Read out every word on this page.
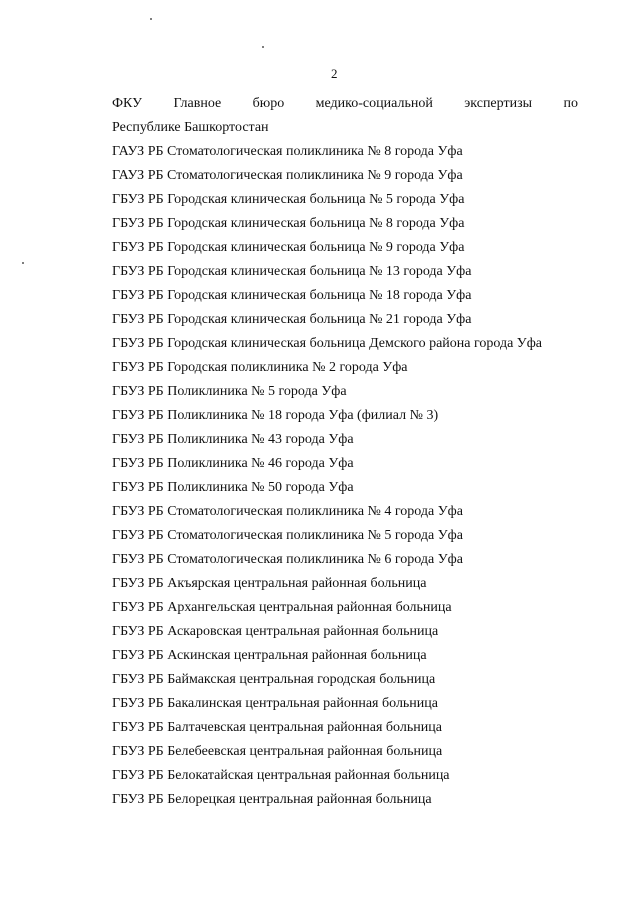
2
ФКУ Главное бюро медико-социальной экспертизы по
Республике Башкортостан
ГАУЗ РБ Стоматологическая поликлиника № 8 города Уфа
ГАУЗ РБ Стоматологическая поликлиника № 9 города Уфа
ГБУЗ РБ Городская клиническая больница № 5 города Уфа
ГБУЗ РБ Городская клиническая больница № 8 города Уфа
ГБУЗ РБ Городская клиническая больница № 9 города Уфа
ГБУЗ РБ Городская клиническая больница № 13 города Уфа
ГБУЗ РБ Городская клиническая больница № 18 города Уфа
ГБУЗ РБ Городская клиническая больница № 21 города Уфа
ГБУЗ РБ Городская клиническая больница Демского района города Уфа
ГБУЗ РБ Городская поликлиника № 2 города Уфа
ГБУЗ РБ Поликлиника № 5 города Уфа
ГБУЗ РБ Поликлиника № 18 города Уфа (филиал № 3)
ГБУЗ РБ Поликлиника № 43 города Уфа
ГБУЗ РБ Поликлиника № 46 города Уфа
ГБУЗ РБ Поликлиника № 50 города Уфа
ГБУЗ РБ Стоматологическая поликлиника № 4 города Уфа
ГБУЗ РБ Стоматологическая поликлиника № 5 города Уфа
ГБУЗ РБ Стоматологическая поликлиника № 6 города Уфа
ГБУЗ РБ Акъярская центральная районная больница
ГБУЗ РБ Архангельская центральная районная больница
ГБУЗ РБ Аскаровская центральная районная больница
ГБУЗ РБ Аскинская центральная районная больница
ГБУЗ РБ Баймакская центральная городская больница
ГБУЗ РБ Бакалинская центральная районная больница
ГБУЗ РБ Балтачевская центральная районная больница
ГБУЗ РБ Белебеевская центральная районная больница
ГБУЗ РБ Белокатайская центральная районная больница
ГБУЗ РБ Белорецкая центральная районная больница
